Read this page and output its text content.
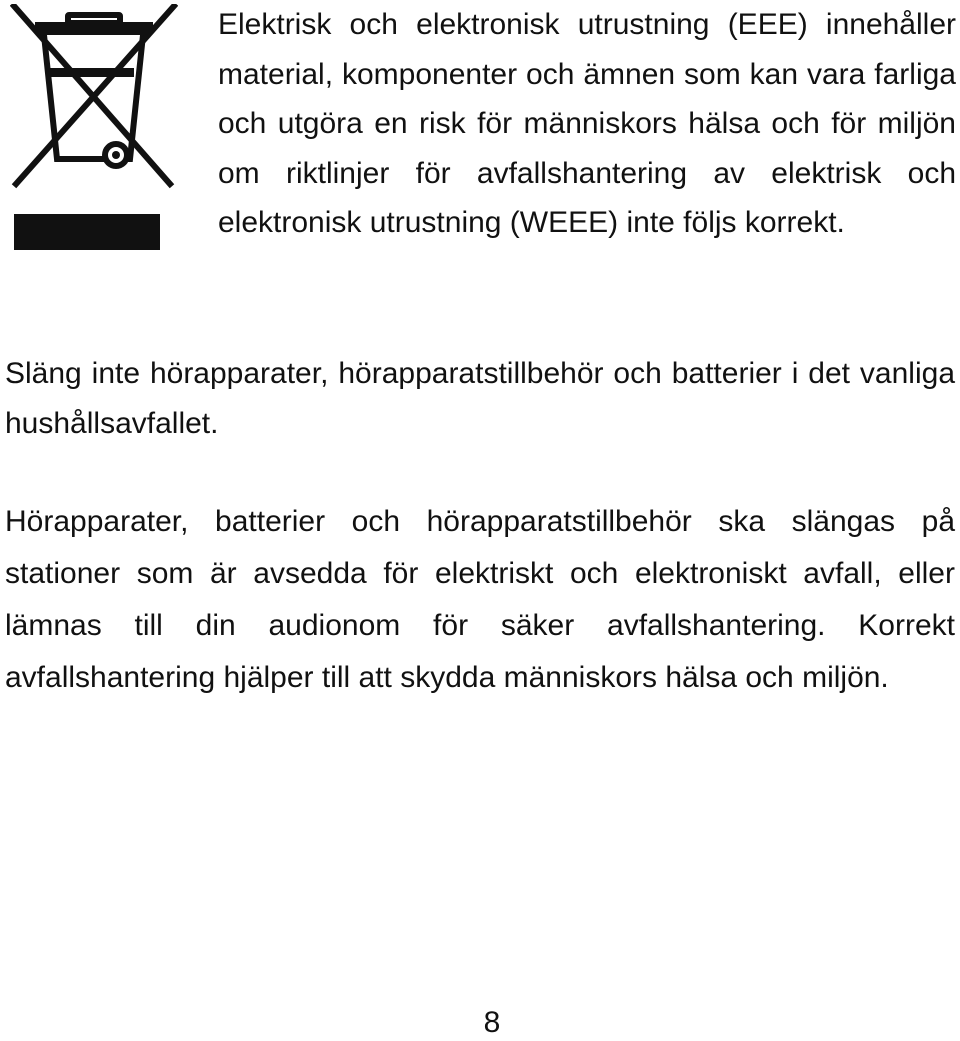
Elektrisk och elektronisk utrustning (EEE) innehåller material, komponenter och ämnen som kan vara farliga och utgöra en risk för människors hälsa och för miljön om riktlinjer för avfallshantering av elektrisk och elektronisk utrustning (WEEE) inte följs korrekt.

Släng inte hörapparater, hörapparatstillbehör och batterier i det vanliga hushållsavfallet.

Hörapparater, batterier och hörapparatstillbehör ska slängas på stationer som är avsedda för elektriskt och elektroniskt avfall, eller lämnas till din audionom för säker avfallshantering. Korrekt avfallshantering hjälper till att skydda människors hälsa och miljön.

8
